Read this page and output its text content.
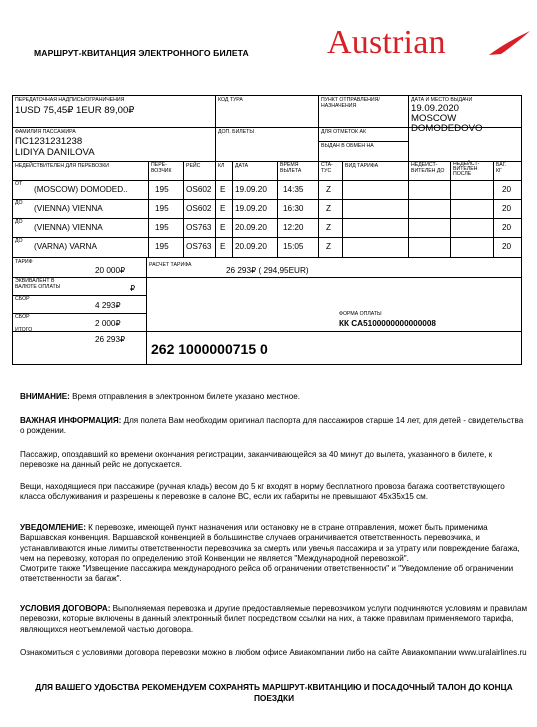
МАРШРУТ-КВИТАНЦИЯ ЭЛЕКТРОННОГО БИЛЕТА Austrian
ПЕРЕДАТОЧНАЯ НАДПИСЬ/ОГРАНИЧЕНИЯ
1USD 75,45₽ 1EUR 89,00₽
КОД ТУРА	ПУНКТ ОТПРАВЛЕНИЯ/
НАЗНАЧЕНИЯ
ДАТА И МЕСТО ВЫДАЧИ
19.09.2020
MOSCOW
DOMODEDOVO
ФАМИЛИЯ ПАССАЖИРА
ПС1231231238
LIDIYA DANILOVA
ДОП. БИЛЕТЫ	ДЛЯ ОТМЕТОК АК
ВЫДАН В ОБМЕН НА
НЕДЕЙСТВИТЕЛЕН ДЛЯ ПЕРЕВОЗКИ	ПЕРЕ-
ВОЗЧИК
РЕЙС	КЛ ДАТА	ВРЕМЯ
ВЫЛЕТА
СТА-
ТУС
ВИД ТАРИФА	НЕДЕЙСТ-
ВИТЕЛЕН ДО
НЕДЕЙСТ-
ВИТЕЛЕН
ПОСЛЕ
БАГ.
КГ
ОТ
(MOSCOW) DOMODED..	195 OS602 E 19.09.20 14:35	Z	20
ДО
(VIENNA) VIENNA	195 OS602 E 19.09.20 16:30	Z	20
ДО
(VIENNA) VIENNA	195 OS763 E 20.09.20 12:20	Z	20
ДО
(VARNA) VARNA	195 OS763 E 20.09.20 15:05	Z	20
ТАРИФ
20 000₽
РАСЧЕТ ТАРИФА
26 293₽ ( 294,95EUR)
ЭКВИВАЛЕНТ В
ВАЛЮТЕ ОПЛАТЫ	₽
СБОР
4 293₽
СБОР
2 000₽
ФОРМА ОПЛАТЫ
КК CA5100000000000008
ИТОГО
26 293₽
262 1000000715 0
ВНИМАНИЕ: Время отправления в электронном билете указано местное.
ВАЖНАЯ ИНФОРМАЦИЯ: Для полета Вам необходим оригинал паспорта для пассажиров старше 14 лет, для детей - свидетельства о рождении.
Пассажир, опоздавший ко времени окончания регистрации, заканчивающейся за 40 минут до вылета, указанного в билете, к перевозке на данный рейс не допускается.
Вещи, находящиеся при пассажире (ручная кладь) весом до 5 кг входят в норму бесплатного провоза багажа соответствующего класса обслуживания и разрешены к перевозке в салоне ВС, если их габариты не превышают 45х35х15 см.
УВЕДОМЛЕНИЕ: К перевозке, имеющей пункт назначения или остановку не в стране отправления, может быть применима Варшавская конвенция. Варшавской конвенцией в большинстве случаев ограничивается ответственность перевозчика, и устанавливаются иные лимиты ответственности перевозчика за смерть или увечья пассажира и за утрату или повреждение багажа, чем на перевозку, которая по определению этой Конвенции не является "Международной перевозкой".
Смотрите также "Извещение пассажира международного рейса об ограничении ответственности" и "Уведомление об ограничении ответственности за багаж".
УСЛОВИЯ ДОГОВОРА: Выполняемая перевозка и другие предоставляемые перевозчиком услуги подчиняются условиям и правилам перевозки, которые включены в данный электронный билет посредством ссылки на них, а также правилам применяемого тарифа, являющихся неотъемлемой частью договора.
Ознакомиться с условиями договора перевозки можно в любом офисе Авиакомпании либо на сайте Авиакомпании www.uralairlines.ru
ДЛЯ ВАШЕГО УДОБСТВА РЕКОМЕНДУЕМ СОХРАНЯТЬ МАРШРУТ-КВИТАНЦИЮ И ПОСАДОЧНЫЙ ТАЛОН ДО КОНЦА ПОЕЗДКИ
